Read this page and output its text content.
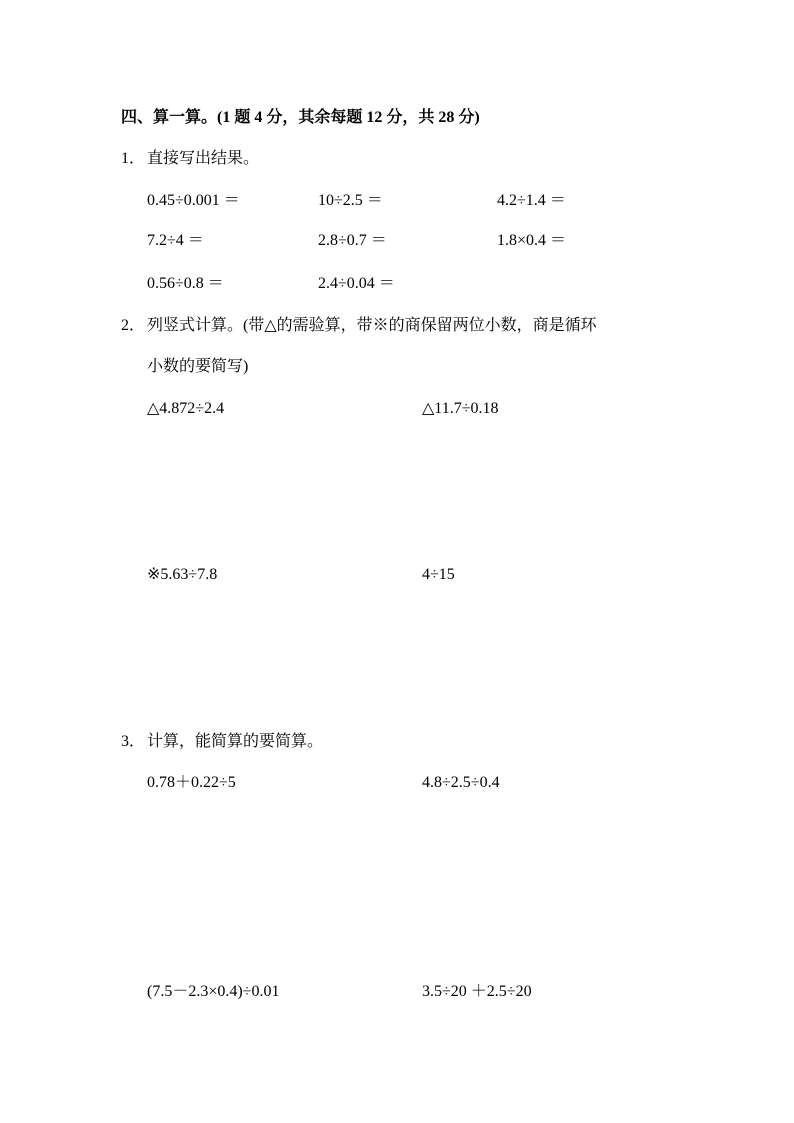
四、算一算。(1 题 4 分，其余每题 12 分，共 28 分)
1． 直接写出结果。
0.45÷0.001 ＝	10÷2.5 ＝	4.2÷1.4 ＝
7.2÷4 ＝	2.8÷0.7 ＝	1.8×0.4 ＝
0.56÷0.8 ＝	2.4÷0.04 ＝
2． 列竖式计算。(带△的需验算，带※的商保留两位小数，商是循环
小数的要简写)
△4.872÷2.4	△11.7÷0.18
※5.63÷7.8	4÷15
3． 计算，能简算的要简算。
0.78＋0.22÷5	4.8÷2.5÷0.4
(7.5－2.3×0.4)÷0.01	3.5÷20 ＋2.5÷20
